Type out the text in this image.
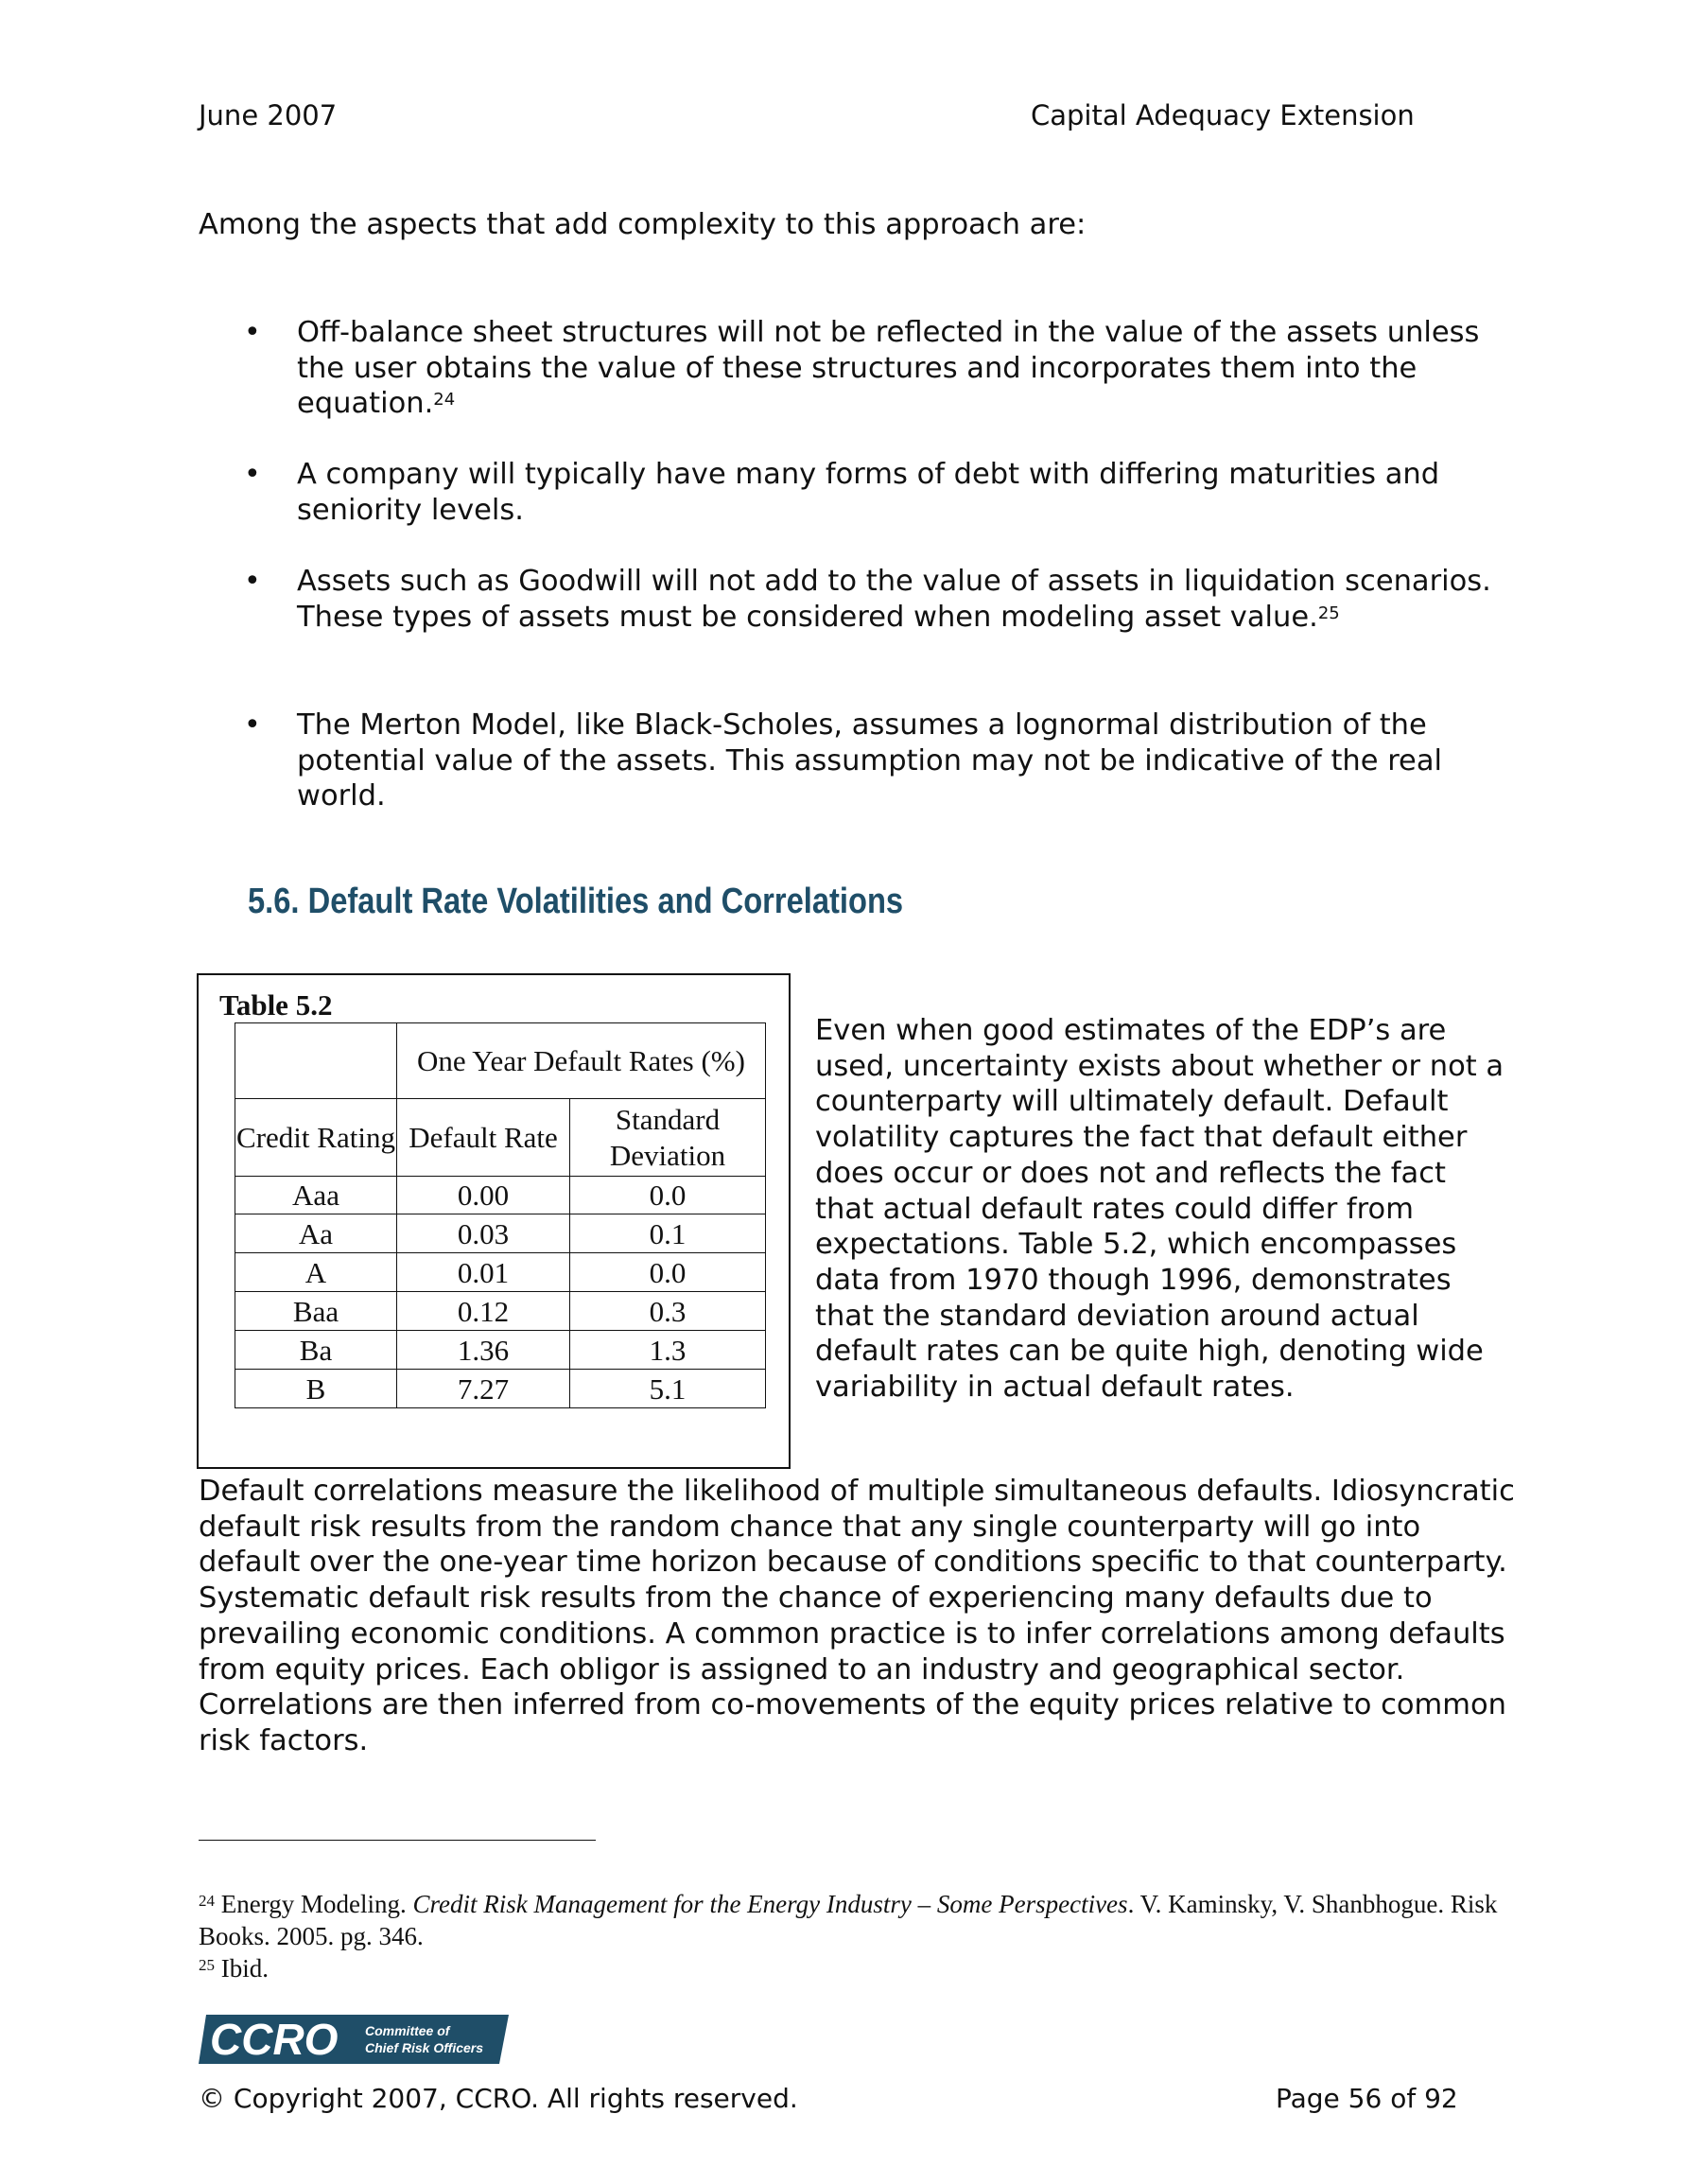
June 2007	Capital Adequacy Extension
Among the aspects that add complexity to this approach are:
• Off-balance sheet structures will not be reflected in the value of the assets unless the user obtains the value of these structures and incorporates them into the equation.$^{24}$
• A company will typically have many forms of debt with differing maturities and seniority levels.
• Assets such as Goodwill will not add to the value of assets in liquidation scenarios. These types of assets must be considered when modeling asset value.$^{25}$
• The Merton Model, like Black-Scholes, assumes a lognormal distribution of the potential value of the assets. This assumption may not be indicative of the real world.
5.6. Default Rate Volatilities and Correlations
Table 5.2
	One Year Default Rates (%)	
Credit Rating	Default Rate	Standard Deviation
Aaa	0.00	0.0
Aa	0.03	0.1
A	0.01	0.0
Baa	0.12	0.3
Ba	1.36	1.3
B	7.27	5.1
Even when good estimates of the EDP’s are used, uncertainty exists about whether or not a counterparty will ultimately default. Default volatility captures the fact that default either does occur or does not and reflects the fact that actual default rates could differ from expectations. Table 5.2, which encompasses data from 1970 though 1996, demonstrates that the standard deviation around actual default rates can be quite high, denoting wide variability in actual default rates.
Default correlations measure the likelihood of multiple simultaneous defaults. Idiosyncratic default risk results from the random chance that any single counterparty will go into default over the one-year time horizon because of conditions specific to that counterparty. Systematic default risk results from the chance of experiencing many defaults due to prevailing economic conditions. A common practice is to infer correlations among defaults from equity prices. Each obligor is assigned to an industry and geographical sector. Correlations are then inferred from co-movements of the equity prices relative to common risk factors.
$^{24}$ Energy Modeling. Credit Risk Management for the Energy Industry – Some Perspectives. V. Kaminsky, V. Shanbhogue. Risk Books. 2005. pg. 346.
$^{25}$ Ibid.
CCRO Committee of
Chief Risk Officers
© Copyright 2007, CCRO. All rights reserved.	Page 56 of 92
